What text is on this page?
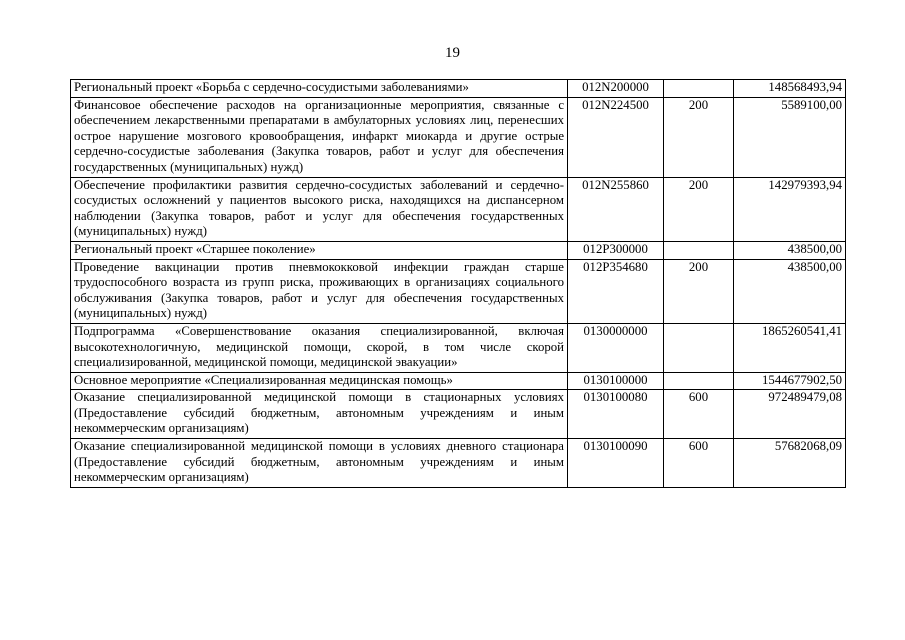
19
Региональный проект «Борьба с сердечно-сосудистыми заболеваниями»	012N200000		148568493,94
Финансовое обеспечение расходов на организационные мероприятия, связанные с обеспечением лекарственными препаратами в амбулаторных условиях лиц, перенесших острое нарушение мозгового кровообращения, инфаркт миокарда и другие острые сердечно-сосудистые заболевания (Закупка товаров, работ и услуг для обеспечения государственных (муниципальных) нужд)	012N224500	200	5589100,00
Обеспечение профилактики развития сердечно-сосудистых заболеваний и сердечно-сосудистых осложнений у пациентов высокого риска, находящихся на диспансерном наблюдении (Закупка товаров, работ и услуг для обеспечения государственных (муниципальных) нужд)	012N255860	200	142979393,94
Региональный проект «Старшее поколение»	012P300000		438500,00
Проведение вакцинации против пневмококковой инфекции граждан старше трудоспособного возраста из групп риска, проживающих в организациях социального обслуживания (Закупка товаров, работ и услуг для обеспечения государственных (муниципальных) нужд)	012P354680	200	438500,00
Подпрограмма «Совершенствование оказания специализированной, включая высокотехнологичную, медицинской помощи, скорой, в том числе скорой специализированной, медицинской помощи, медицинской эвакуации»	0130000000		1865260541,41
Основное мероприятие «Специализированная медицинская помощь»	0130100000		1544677902,50
Оказание специализированной медицинской помощи в стационарных условиях (Предоставление субсидий бюджетным, автономным учреждениям и иным некоммерческим организациям)	0130100080	600	972489479,08
Оказание специализированной медицинской помощи в условиях дневного стационара (Предоставление субсидий бюджетным, автономным учреждениям и иным некоммерческим организациям)	0130100090	600	57682068,09
